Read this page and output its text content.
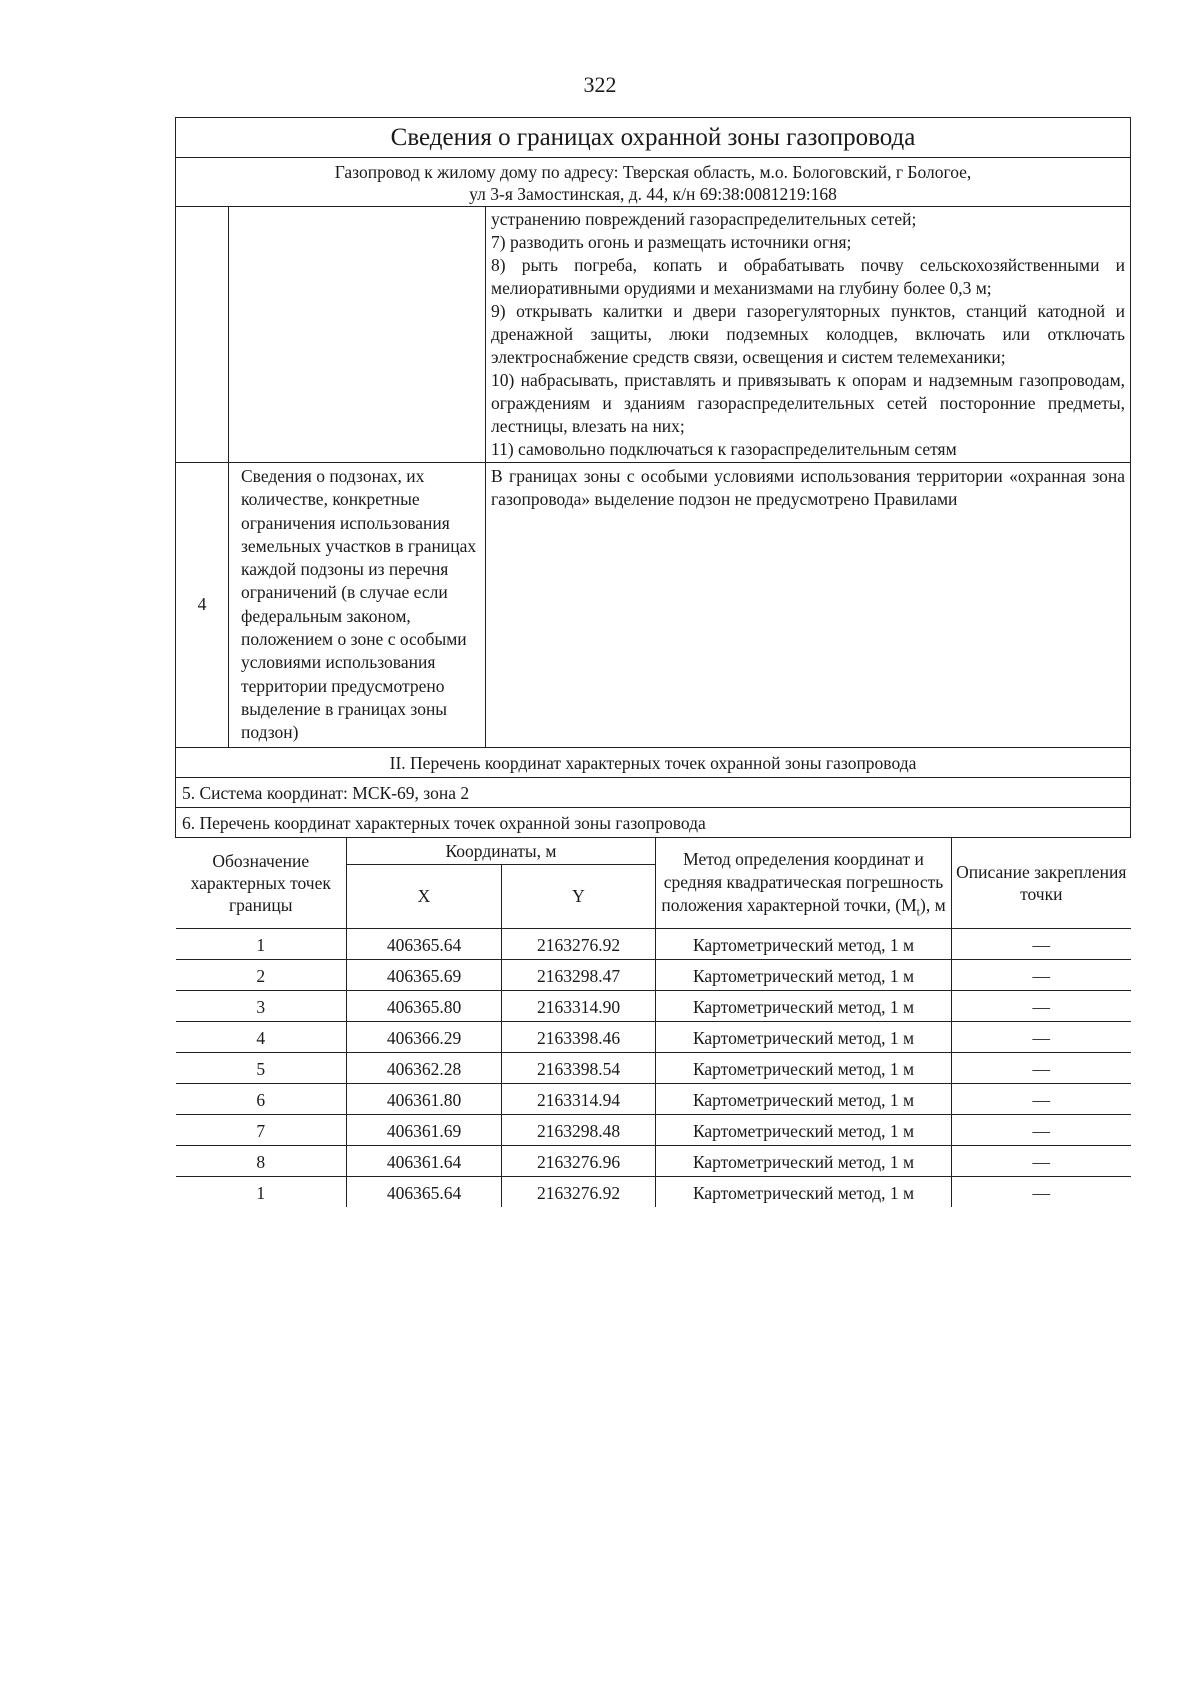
322
Сведения о границах охранной зоны газопровода

Газопровод к жилому дому по адресу: Тверская область, м.о. Бологовский, г Бологое,
ул 3-я Замостинская, д. 44, к/н 69:38:0081219:168

устранению повреждений газораспределительных сетей;
7) разводить огонь и размещать источники огня;
8) рыть погреба, копать и обрабатывать почву сельскохозяйственными и мелиоративными орудиями и механизмами на глубину более 0,3 м;
9) открывать калитки и двери газорегуляторных пунктов, станций катодной и дренажной защиты, люки подземных колодцев, включать или отключать электроснабжение средств связи, освещения и систем телемеханики;
10) набрасывать, приставлять и привязывать к опорам и надземным газопроводам, ограждениям и зданиям газораспределительных сетей посторонние предметы, лестницы, влезать на них;
11) самовольно подключаться к газораспределительным сетям

4	Сведения о подзонах, их количестве, конкретные ограничения использования земельных участков в границах каждой подзоны из перечня ограничений (в случае если федеральным законом, положением о зоне с особыми условиями использования территории предусмотрено выделение в границах зоны подзон)	В границах зоны с особыми условиями использования территории «охранная зона газопровода» выделение подзон не предусмотрено Правилами
II. Перечень координат характерных точек охранной зоны газопровода
5. Система координат: МСК-69, зона 2
6. Перечень координат характерных точек охранной зоны газопровода

Обозначение характерных точек границы	Координаты, м	Метод определения координат и средняя квадратическая погрешность положения характерной точки, $(M_t)$, м	Описание закрепления точки
X	Y
1	406365.64	2163276.92	Картометрический метод, 1 м	—
2	406365.69	2163298.47	Картометрический метод, 1 м	—
3	406365.80	2163314.90	Картометрический метод, 1 м	—
4	406366.29	2163398.46	Картометрический метод, 1 м	—
5	406362.28	2163398.54	Картометрический метод, 1 м	—
6	406361.80	2163314.94	Картометрический метод, 1 м	—
7	406361.69	2163298.48	Картометрический метод, 1 м	—
8	406361.64	2163276.96	Картометрический метод, 1 м	—
1	406365.64	2163276.92	Картометрический метод, 1 м	—
